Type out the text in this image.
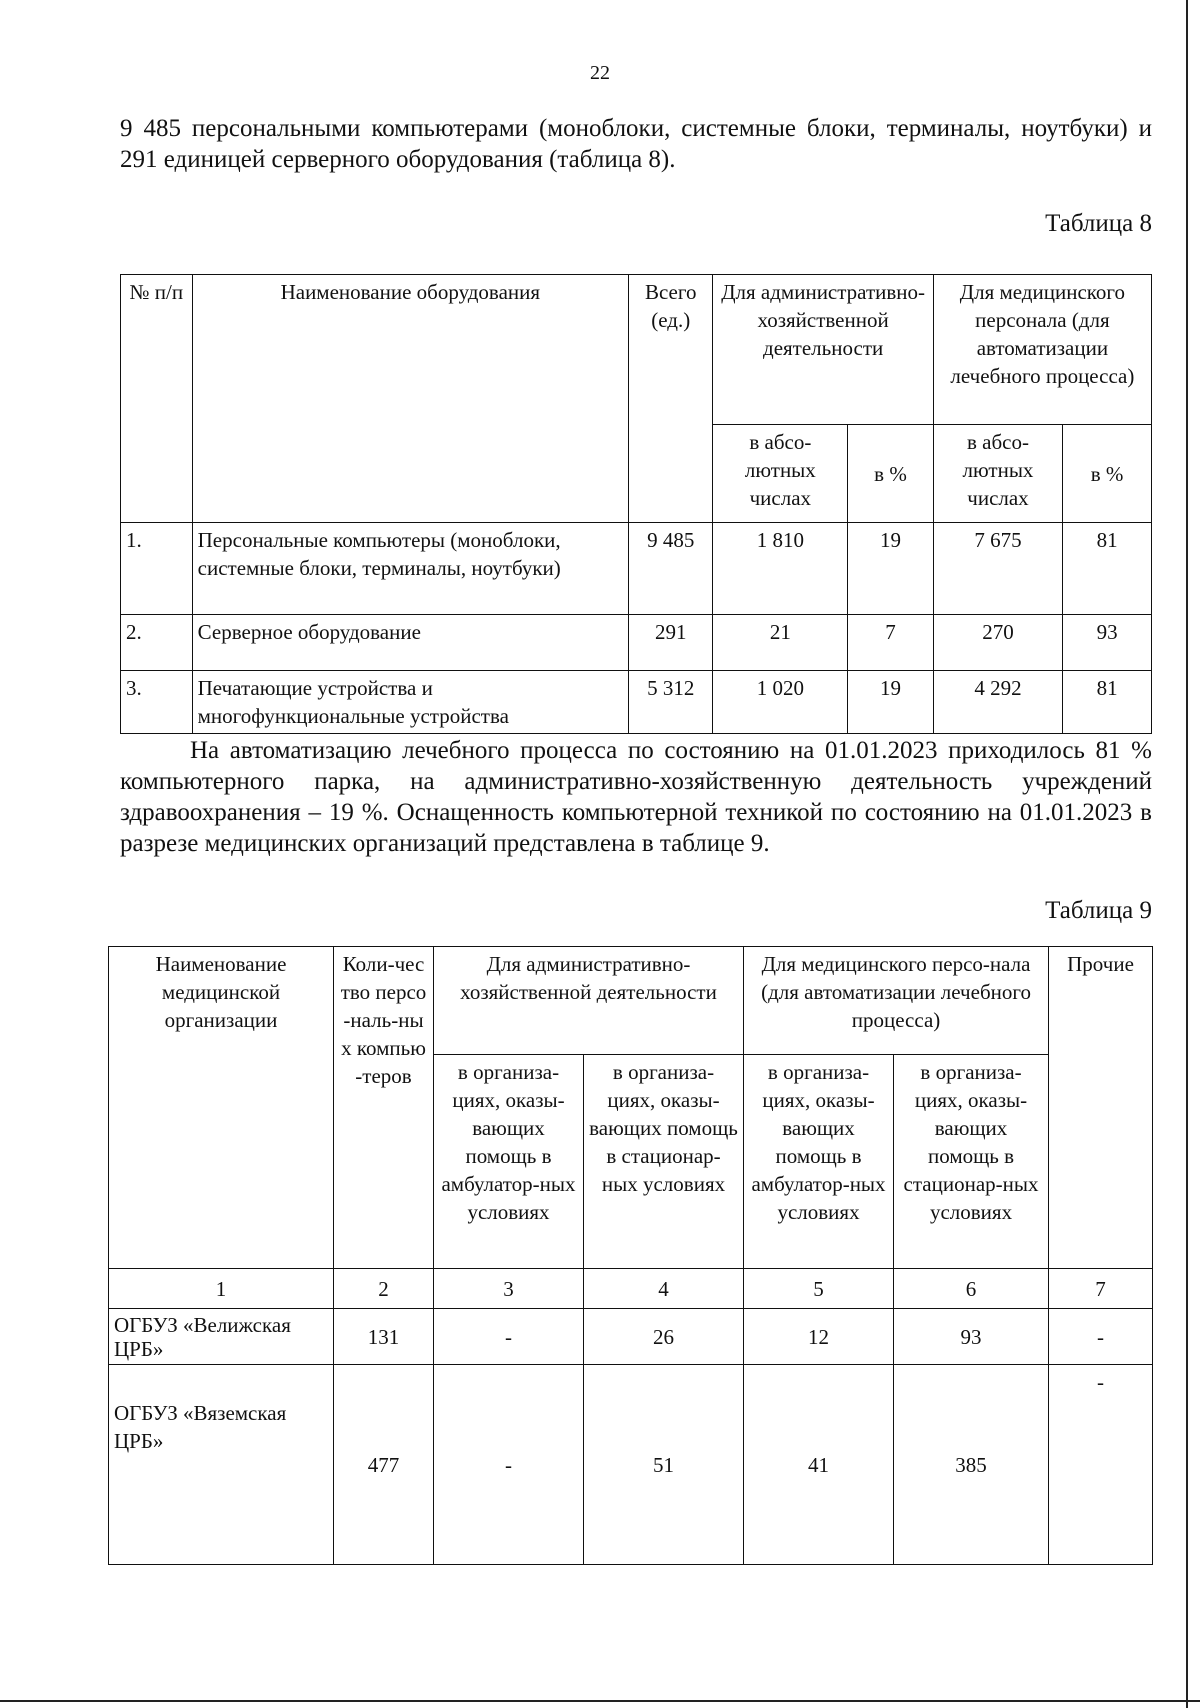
22

9 485 персональными компьютерами (моноблоки, системные блоки, терминалы, ноутбуки) и 291 единицей серверного оборудования (таблица 8).

Таблица 8
№ п/п	Наименование оборудования	Всего (ед.)	Для административно-хозяйственной деятельности		Для медицинского персонала (для автоматизации лечебного процесса)	
			в абсо-лютных числах	в %	в абсо-лютных числах	в %
1.	Персональные компьютеры (моноблоки, системные блоки, терминалы, ноутбуки)	9 485	1 810	19	7 675	81
2.	Серверное оборудование	291	21	7	270	93
3.	Печатающие устройства и многофункциональные устройства	5 312	1 020	19	4 292	81

На автоматизацию лечебного процесса по состоянию на 01.01.2023 приходилось 81 % компьютерного парка, на административно-хозяйственную деятельность учреждений здравоохранения – 19 %. Оснащенность компьютерной техникой по состоянию на 01.01.2023 в разрезе медицинских организаций представлена в таблице 9.

Таблица 9
Наименование медицинской организации	Коли-чество персо-наль-ных компью-теров	Для административно-хозяйственной деятельности		Для медицинского персо-нала (для автоматизации лечебного процесса)		Прочие
		в организа-циях, оказы-вающих помощь в амбулатор-ных условиях	в организа-циях, оказы-вающих помощь в стационар-ных условиях	в организа-циях, оказы-вающих помощь в амбулатор-ных условиях	в организа-циях, оказы-вающих помощь в стационар-ных условиях	
1	2	3	4	5	6	7
ОГБУЗ «Велижская ЦРБ»	131	-	26	12	93	-
ОГБУЗ «Вяземская ЦРБ»	477	-	51	41	385	-
